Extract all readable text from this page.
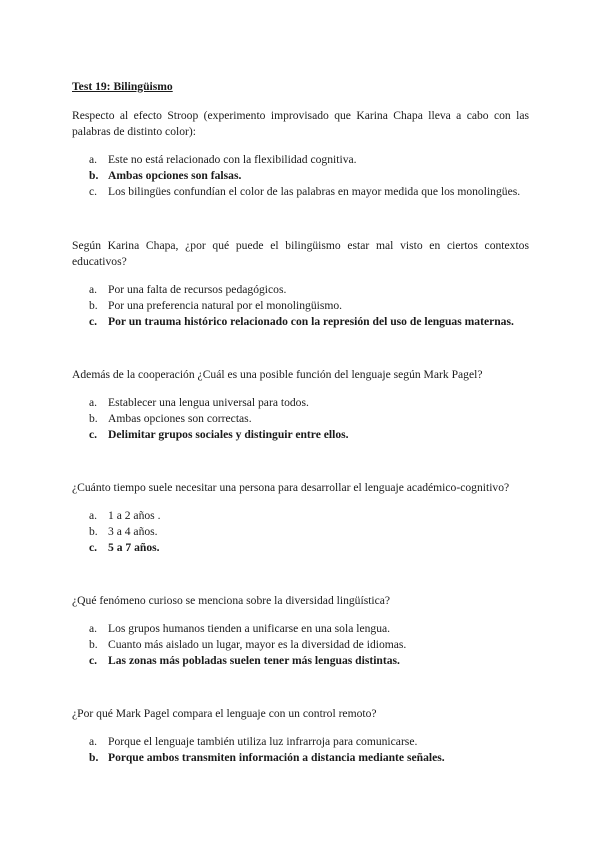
Test 19: Bilingüismo

Respecto al efecto Stroop (experimento improvisado que Karina Chapa lleva a cabo con las palabras de distinto color):

a. Este no está relacionado con la flexibilidad cognitiva.
b. Ambas opciones son falsas.
c. Los bilingües confundían el color de las palabras en mayor medida que los monolingües.

Según Karina Chapa, ¿por qué puede el bilingüismo estar mal visto en ciertos contextos educativos?

a. Por una falta de recursos pedagógicos.
b. Por una preferencia natural por el monolingüismo.
c. Por un trauma histórico relacionado con la represión del uso de lenguas maternas.

Además de la cooperación ¿Cuál es una posible función del lenguaje según Mark Pagel?

a. Establecer una lengua universal para todos.
b. Ambas opciones son correctas.
c. Delimitar grupos sociales y distinguir entre ellos.

¿Cuánto tiempo suele necesitar una persona para desarrollar el lenguaje académico-cognitivo?

a. 1 a 2 años .
b. 3 a 4 años.
c. 5 a 7 años.

¿Qué fenómeno curioso se menciona sobre la diversidad lingüística?

a. Los grupos humanos tienden a unificarse en una sola lengua.
b. Cuanto más aislado un lugar, mayor es la diversidad de idiomas.
c. Las zonas más pobladas suelen tener más lenguas distintas.

¿Por qué Mark Pagel compara el lenguaje con un control remoto?

a. Porque el lenguaje también utiliza luz infrarroja para comunicarse.
b. Porque ambos transmiten información a distancia mediante señales.
